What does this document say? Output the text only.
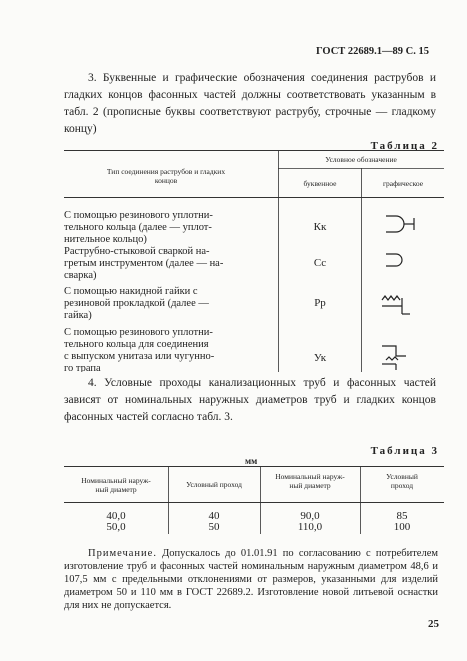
ГОСТ 22689.1—89 С. 15
3. Буквенные и графические обозначения соединения раструбов и гладких концов фасонных частей должны соответствовать указанным в табл. 2 (прописные буквы соответствуют раструбу, строчные — гладкому концу)
Таблица 2
Тип соединения раструбов и гладких
концов
Условное обозначение
буквенное	графическое
С помощью резинового уплотни-
тельного кольца (далее — уплот-
нительное кольцо)
Кк
Раструбно-стыковой сваркой на-
гретым инструментом (далее — на-
сварка)
Сс
С помощью накидной гайки с
резиновой прокладкой (далее —
гайка)
Рр
С помощью резинового уплотни-
тельного кольца для соединения
с выпуском унитаза или чугунно-
го трапа
Ук
4. Условные проходы канализационных труб и фасонных частей зависят от номинальных наружных диаметров труб и гладких концов фасонных частей согласно табл. 3.
Таблица 3
мм
Номинальный наруж-
ный диаметр
Условный проход
Номинальный наруж-
ный диаметр
Условный
проход
40,0	40	90,0	85
50,0	50	110,0	100
Примечание. Допускалось до 01.01.91 по согласованию с потребителем изготовление труб и фасонных частей номинальным наружным диаметром 48,6 и 107,5 мм с предельными отклонениями от размеров, указанными для изделий диаметром 50 и 110 мм в ГОСТ 22689.2. Изготовление новой литьевой оснастки для них не допускается.
25
